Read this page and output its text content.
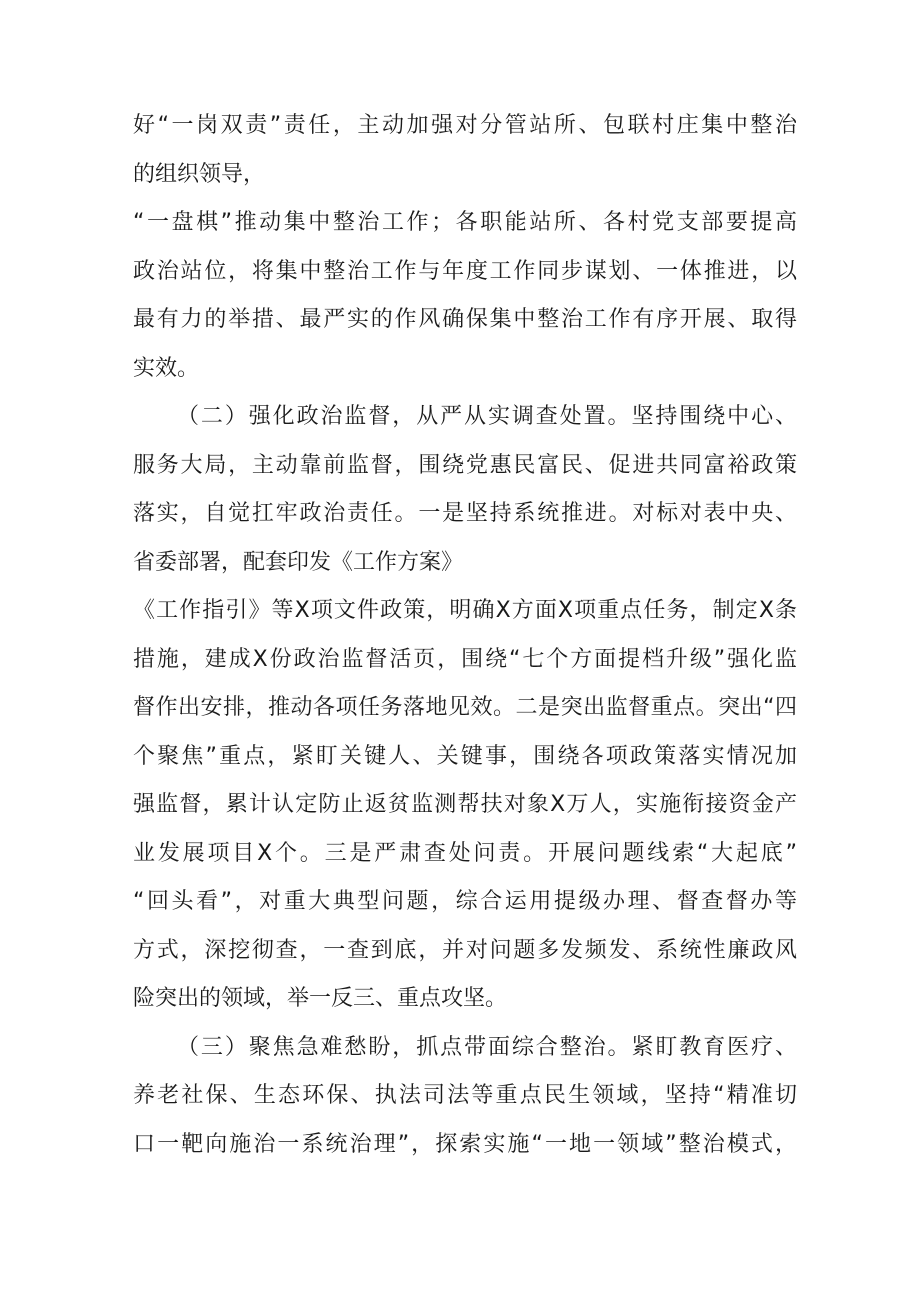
好“一岗双责”责任，主动加强对分管站所、包联村庄集中整治
的组织领导，
“一盘棋”推动集中整治工作；各职能站所、各村党支部要提高
政治站位，将集中整治工作与年度工作同步谋划、一体推进，以
最有力的举措、最严实的作风确保集中整治工作有序开展、取得
实效。
（二）强化政治监督，从严从实调查处置。坚持围绕中心、
服务大局，主动靠前监督，围绕党惠民富民、促进共同富裕政策
落实，自觉扛牢政治责任。一是坚持系统推进。对标对表中央、
省委部署，配套印发《工作方案》
《工作指引》等X项文件政策，明确X方面X项重点任务，制定X条
措施，建成X份政治监督活页，围绕“七个方面提档升级”强化监
督作出安排，推动各项任务落地见效。二是突出监督重点。突出“四
个聚焦”重点，紧盯关键人、关键事，围绕各项政策落实情况加
强监督，累计认定防止返贫监测帮扶对象X万人，实施衔接资金产
业发展项目X个。三是严肃查处问责。开展问题线索“大起底”
“回头看”，对重大典型问题，综合运用提级办理、督查督办等
方式，深挖彻查，一查到底，并对问题多发频发、系统性廉政风
险突出的领域，举一反三、重点攻坚。
（三）聚焦急难愁盼，抓点带面综合整治。紧盯教育医疗、
养老社保、生态环保、执法司法等重点民生领域，坚持“精准切
口一靶向施治一系统治理”，探索实施“一地一领域”整治模式，
